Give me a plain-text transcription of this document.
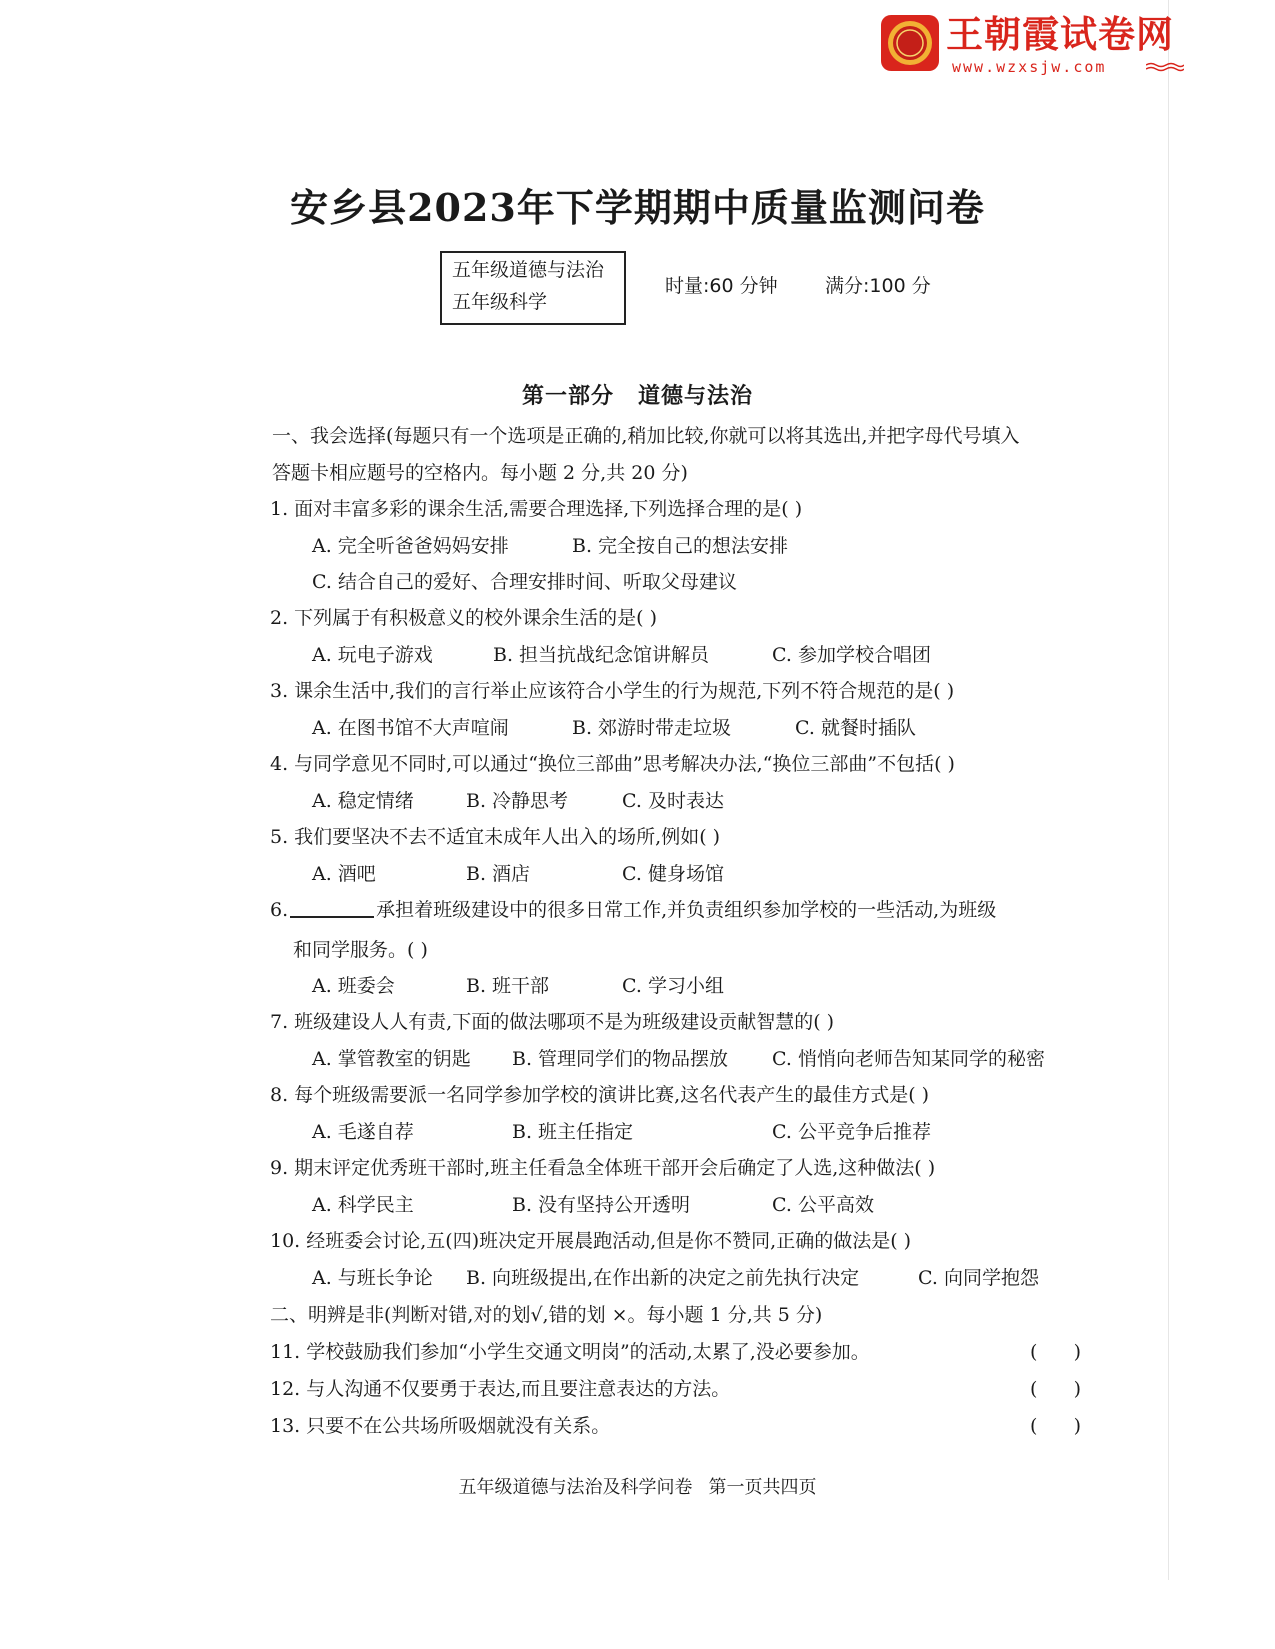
王朝霞试卷网
www.wzxsjw.com
安乡县2023年下学期期中质量监测问卷
五年级道德与法治
五年级科学
时量:60 分钟 满分:100 分
第一部分 道德与法治
一、我会选择(每题只有一个选项是正确的,稍加比较,你就可以将其选出,并把字母代号填入
答题卡相应题号的空格内。每小题 2 分,共 20 分)
1. 面对丰富多彩的课余生活,需要合理选择,下列选择合理的是( )
A. 完全听爸爸妈妈安排	B. 完全按自己的想法安排
C. 结合自己的爱好、合理安排时间、听取父母建议
2. 下列属于有积极意义的校外课余生活的是( )
A. 玩电子游戏	B. 担当抗战纪念馆讲解员	C. 参加学校合唱团
3. 课余生活中,我们的言行举止应该符合小学生的行为规范,下列不符合规范的是( )
A. 在图书馆不大声喧闹	B. 郊游时带走垃圾	C. 就餐时插队
4. 与同学意见不同时,可以通过“换位三部曲”思考解决办法,“换位三部曲”不包括( )
A. 稳定情绪	B. 冷静思考	C. 及时表达
5. 我们要坚决不去不适宜未成年人出入的场所,例如( )
A. 酒吧	B. 酒店	C. 健身场馆
6.	承担着班级建设中的很多日常工作,并负责组织参加学校的一些活动,为班级
和同学服务。( )
A. 班委会	B. 班干部	C. 学习小组
7. 班级建设人人有责,下面的做法哪项不是为班级建设贡献智慧的( )
A. 掌管教室的钥匙 B. 管理同学们的物品摆放 C. 悄悄向老师告知某同学的秘密
8. 每个班级需要派一名同学参加学校的演讲比赛,这名代表产生的最佳方式是( )
A. 毛遂自荐	B. 班主任指定	C. 公平竞争后推荐
9. 期末评定优秀班干部时,班主任看急全体班干部开会后确定了人选,这种做法( )
A. 科学民主	B. 没有坚持公开透明	C. 公平高效
10. 经班委会讨论,五(四)班决定开展晨跑活动,但是你不赞同,正确的做法是( )
A. 与班长争论 B. 向班级提出,在作出新的决定之前先执行决定	C. 向同学抱怨
二、明辨是非(判断对错,对的划√,错的划 ×。每小题 1 分,共 5 分)
11. 学校鼓励我们参加“小学生交通文明岗”的活动,太累了,没必要参加。	(      )
12. 与人沟通不仅要勇于表达,而且要注意表达的方法。	(      )
13. 只要不在公共场所吸烟就没有关系。	(      )
五年级道德与法治及科学问卷 第一页共四页
